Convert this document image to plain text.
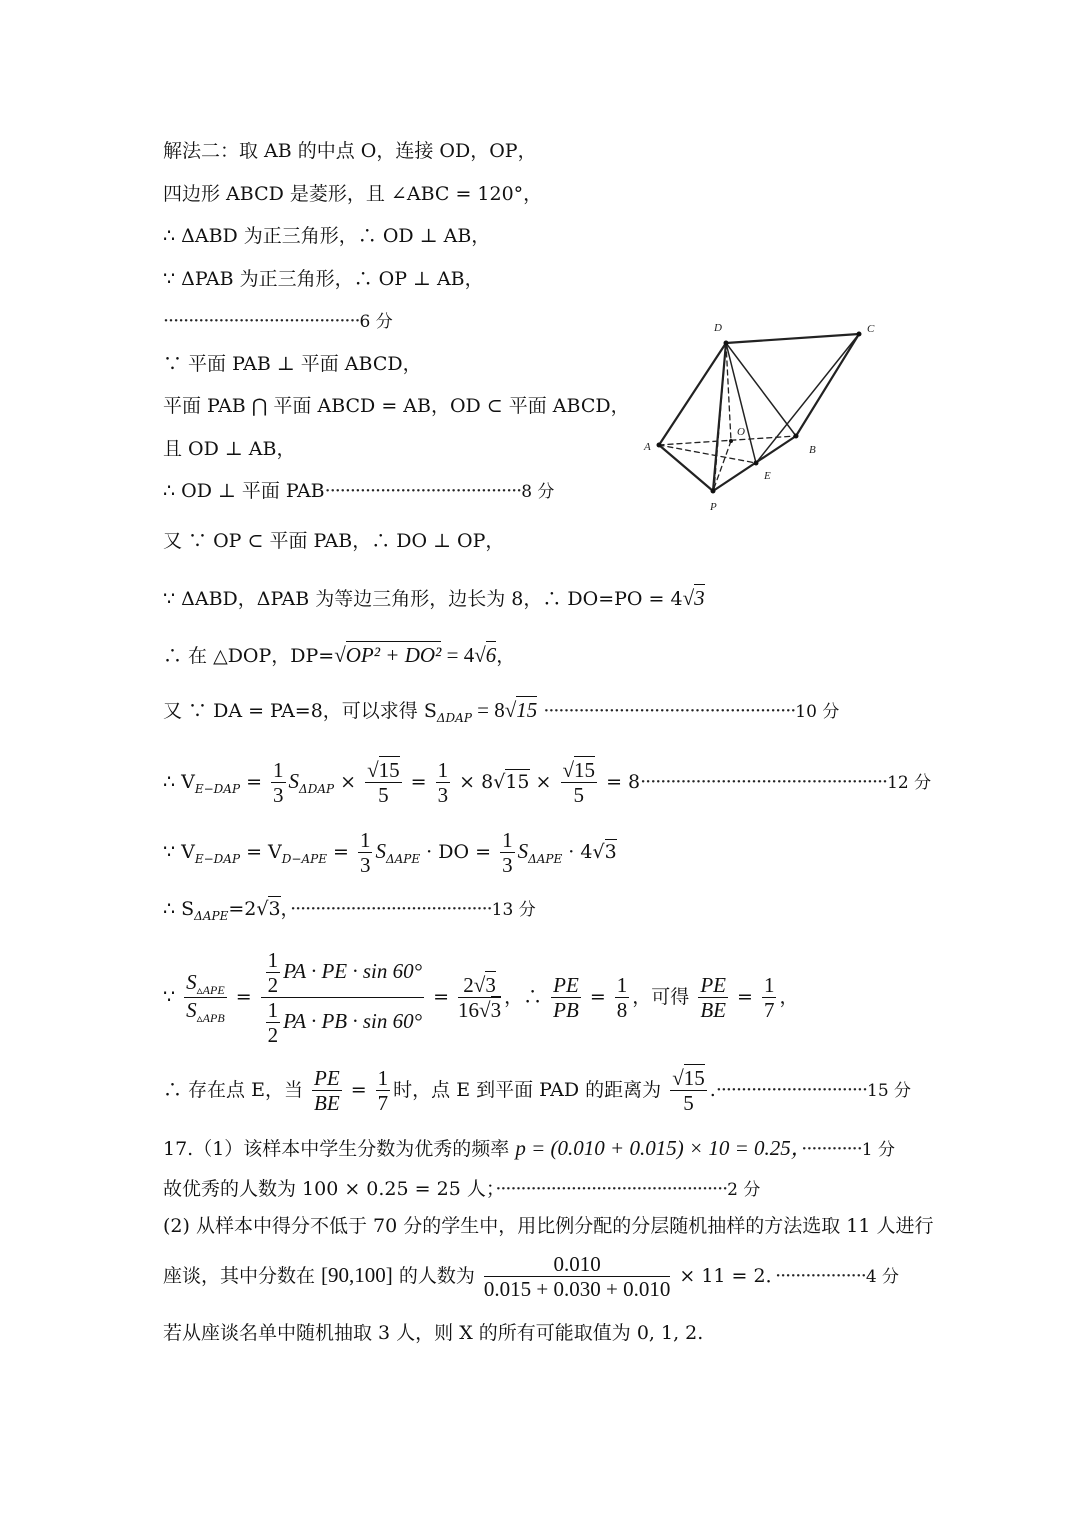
解法二：取 AB 的中点 O，连接 OD，OP，
四边形 ABCD 是菱形，且 ∠ABC = 120°，
∴ ΔABD 为正三角形，∴ OD ⊥ AB，
∵ ΔPAB 为正三角形，∴ OP ⊥ AB，
·······································6 分
∵ 平面 PAB ⊥ 平面 ABCD，
平面 PAB ⋂ 平面 ABCD = AB，OD ⊂ 平面 ABCD，
且 OD ⊥ AB，
∴ OD ⊥ 平面 PAB·······································8 分
又 ∵ OP ⊂ 平面 PAB，∴ DO ⊥ OP，
∵ ΔABD，ΔPAB 为等边三角形，边长为 8，∴ DO=PO = 4√3
∴ 在 △DOP，DP=√OP² + DO² = 4√6，
又 ∵ DA = PA=8，可以求得 $S_{\Delta DAP} = 8√15 \cdot\cdot\cdot\cdot\cdot\cdot\cdot\cdot\cdot\cdot\cdot\cdot\cdot\cdot\cdot\cdot\cdot\cdot\cdot\cdot\cdot\cdot\cdot\cdot\cdot\cdot\cdot\cdot\cdot\cdot\cdot\cdot\cdot\cdot\cdot\cdot\cdot\cdot\cdot\cdot\cdot\cdot\cdot\cdot\cdot\cdot\cdot\cdot\cdot\cdot 10$ 分
∴ $V_{E-DAP} = \frac{1}{3} S_{\Delta DAP} \times \frac{√15}{5} = \frac{1}{3} \times 8√15 \times \frac{√15}{5} = 8\cdot\cdot\cdot\cdot\cdot\cdot\cdot\cdot\cdot\cdot\cdot\cdot\cdot\cdot\cdot\cdot\cdot\cdot\cdot\cdot\cdot\cdot\cdot\cdot\cdot\cdot\cdot\cdot\cdot\cdot\cdot\cdot\cdot\cdot\cdot\cdot\cdot\cdot\cdot\cdot\cdot\cdot\cdot\cdot\cdot\cdot\cdot\cdot\cdot 12$ 分
∵ $V_{E-DAP} = V_{D-APE} = \frac{1}{3} S_{\Delta APE}$ · DO = $\frac{1}{3} S_{\Delta APE} \cdot 4√3$
∴ $S_{\Delta APE}=2√3$，········································13 分
∵ $\frac{S_{▵APE}}{S_{▵APB}} = \frac{\frac{1}{2} PA \cdot PE \cdot \sin 60^\circ}{\frac{1}{2} PA \cdot PB \cdot \sin 60^\circ} = \frac{2√3}{16√3}$ ，∴ $\frac{PE}{PB} = \frac{1}{8}$ ，可得 $\frac{PE}{BE} = \frac{1}{7}$ ，
∴ 存在点 E，当 $\frac{PE}{BE} = \frac{1}{7}$ 时，点 E 到平面 PAD 的距离为 $\frac{√15}{5} .\cdot\cdot\cdot\cdot\cdot\cdot\cdot\cdot\cdot\cdot\cdot\cdot\cdot\cdot\cdot\cdot\cdot\cdot\cdot\cdot\cdot\cdot\cdot\cdot\cdot\cdot\cdot\cdot\cdot\cdot 15$ 分
17.（1）该样本中学生分数为优秀的频率 p = (0.010 + 0.015) × 10 = 0.25，············1 分
故优秀的人数为 100 × 0.25 = 25 人；··············································2 分
(2) 从样本中得分不低于 70 分的学生中，用比例分配的分层随机抽样的方法选取 11 人进行
座谈，其中分数在 [90,100] 的人数为 $\frac{0.010}{0.015 + 0.030 + 0.010} \times 11 = 2$．··················4 分
若从座谈名单中随机抽取 3 人，则 X 的所有可能取值为 0, 1, 2.
D	C
A	B
E
O
P
